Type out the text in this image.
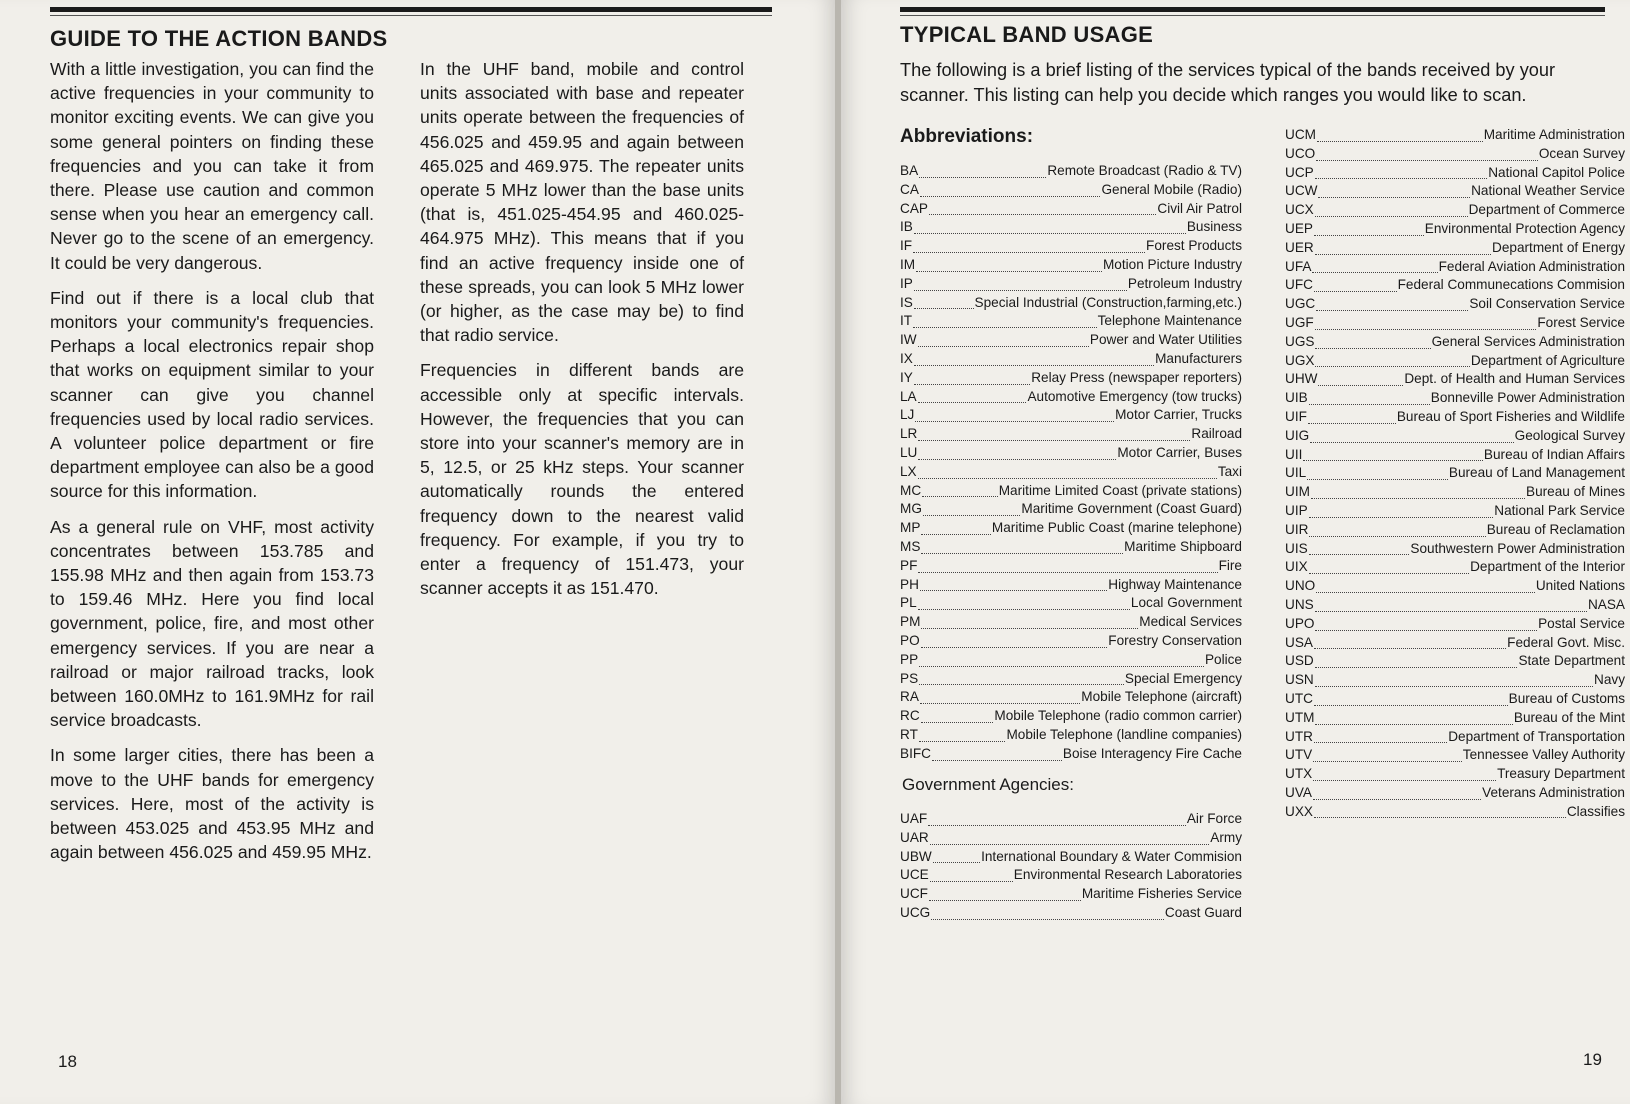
GUIDE TO THE ACTION BANDS

With a little investigation, you can find the active frequencies in your community to monitor exciting events. We can give you some general pointers on finding these frequencies and you can take it from there. Please use caution and common sense when you hear an emergency call. Never go to the scene of an emergency. It could be very dangerous.

Find out if there is a local club that monitors your community's frequencies. Perhaps a local electronics repair shop that works on equipment similar to your scanner can give you channel frequencies used by local radio services. A volunteer police department or fire department employee can also be a good source for this information.

As a general rule on VHF, most activity concentrates between 153.785 and 155.98 MHz and then again from 153.73 to 159.46 MHz. Here you find local government, police, fire, and most other emergency services. If you are near a railroad or major railroad tracks, look between 160.0MHz to 161.9MHz for rail service broadcasts.

In some larger cities, there has been a move to the UHF bands for emergency services. Here, most of the activity is between 453.025 and 453.95 MHz and again between 456.025 and 459.95 MHz.

In the UHF band, mobile and control units associated with base and repeater units operate between the frequencies of 456.025 and 459.95 and again between 465.025 and 469.975. The repeater units operate 5 MHz lower than the base units (that is, 451.025-454.95 and 460.025-464.975 MHz). This means that if you find an active frequency inside one of these spreads, you can look 5 MHz lower (or higher, as the case may be) to find that radio service.

Frequencies in different bands are accessible only at specific intervals. However, the frequencies that you can store into your scanner's memory are in 5, 12.5, or 25 kHz steps. Your scanner automatically rounds the entered frequency down to the nearest valid frequency. For example, if you try to enter a frequency of 151.473, your scanner accepts it as 151.470.

18
TYPICAL BAND USAGE

The following is a brief listing of the services typical of the bands received by your scanner. This listing can help you decide which ranges you would like to scan.

Abbreviations:
BA	Remote Broadcast (Radio & TV)
CA	General Mobile (Radio)
CAP	Civil Air Patrol
IB	Business
IF	Forest Products
IM	Motion Picture Industry
IP	Petroleum Industry
IS	Special Industrial (Construction,farming,etc.)
IT	Telephone Maintenance
IW	Power and Water Utilities
IX	Manufacturers
IY	Relay Press (newspaper reporters)
LA	Automotive Emergency (tow trucks)
LJ	Motor Carrier, Trucks
LR	Railroad
LU	Motor Carrier, Buses
LX	Taxi
MC	Maritime Limited Coast (private stations)
MG	Maritime Government (Coast Guard)
MP	Maritime Public Coast (marine telephone)
MS	Maritime Shipboard
PF	Fire
PH	Highway Maintenance
PL	Local Government
PM	Medical Services
PO	Forestry Conservation
PP	Police
PS	Special Emergency
RA	Mobile Telephone (aircraft)
RC	Mobile Telephone (radio common carrier)
RT	Mobile Telephone (landline companies)
BIFC	Boise Interagency Fire Cache
Government Agencies:
UAF	Air Force
UAR	Army
UBW	International Boundary & Water Commision
UCE	Environmental Research Laboratories
UCF	Maritime Fisheries Service
UCG	Coast Guard
UCM	Maritime Administration
UCO	Ocean Survey
UCP	National Capitol Police
UCW	National Weather Service
UCX	Department of Commerce
UEP	Environmental Protection Agency
UER	Department of Energy
UFA	Federal Aviation Administration
UFC	Federal Communecations Commision
UGC	Soil Conservation Service
UGF	Forest Service
UGS	General Services Administration
UGX	Department of Agriculture
UHW	Dept. of Health and Human Services
UIB	Bonneville Power Administration
UIF	Bureau of Sport Fisheries and Wildlife
UIG	Geological Survey
UII	Bureau of Indian Affairs
UIL	Bureau of Land Management
UIM	Bureau of Mines
UIP	National Park Service
UIR	Bureau of Reclamation
UIS	Southwestern Power Administration
UIX	Department of the Interior
UNO	United Nations
UNS	NASA
UPO	Postal Service
USA	Federal Govt. Misc.
USD	State Department
USN	Navy
UTC	Bureau of Customs
UTM	Bureau of the Mint
UTR	Department of Transportation
UTV	Tennessee Valley Authority
UTX	Treasury Department
UVA	Veterans Administration
UXX	Classifies
19
